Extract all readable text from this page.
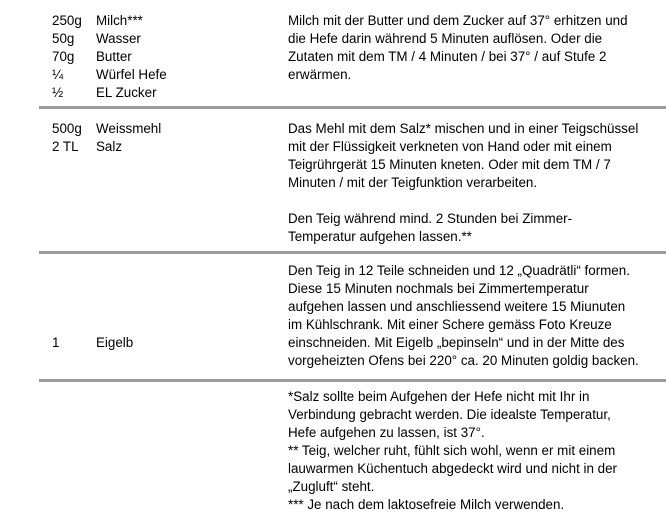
250g	Milch***
50g	Wasser
70g	Butter
¼	Würfel Hefe
½	EL Zucker

Milch mit der Butter und dem Zucker auf 37° erhitzen und

die Hefe darin während 5 Minuten auflösen. Oder die

Zutaten mit dem TM / 4 Minuten / bei 37° / auf Stufe 2

erwärmen.

500g	Weissmehl
2 TL	Salz

Das Mehl mit dem Salz* mischen und in einer Teigschüssel

mit der Flüssigkeit verkneten von Hand oder mit einem

Teigrührgerät 15 Minuten kneten. Oder mit dem TM / 7

Minuten / mit der Teigfunktion verarbeiten.

Den Teig während mind. 2 Stunden bei Zimmer-

Temperatur aufgehen lassen.**

1	Eigelb

Den Teig in 12 Teile schneiden und 12 „Quadrätli“ formen.

Diese 15 Minuten nochmals bei Zimmertemperatur

aufgehen lassen und anschliessend weitere 15 Miunuten

im Kühlschrank. Mit einer Schere gemäss Foto Kreuze

einschneiden. Mit Eigelb „bepinseln“ und in der Mitte des

vorgeheizten Ofens bei 220° ca. 20 Minuten goldig backen.

*Salz sollte beim Aufgehen der Hefe nicht mit Ihr in

Verbindung gebracht werden. Die idealste Temperatur,

Hefe aufgehen zu lassen, ist 37°.

** Teig, welcher ruht, fühlt sich wohl, wenn er mit einem

lauwarmen Küchentuch abgedeckt wird und nicht in der

„Zugluft“ steht.

*** Je nach dem laktosefreie Milch verwenden.
